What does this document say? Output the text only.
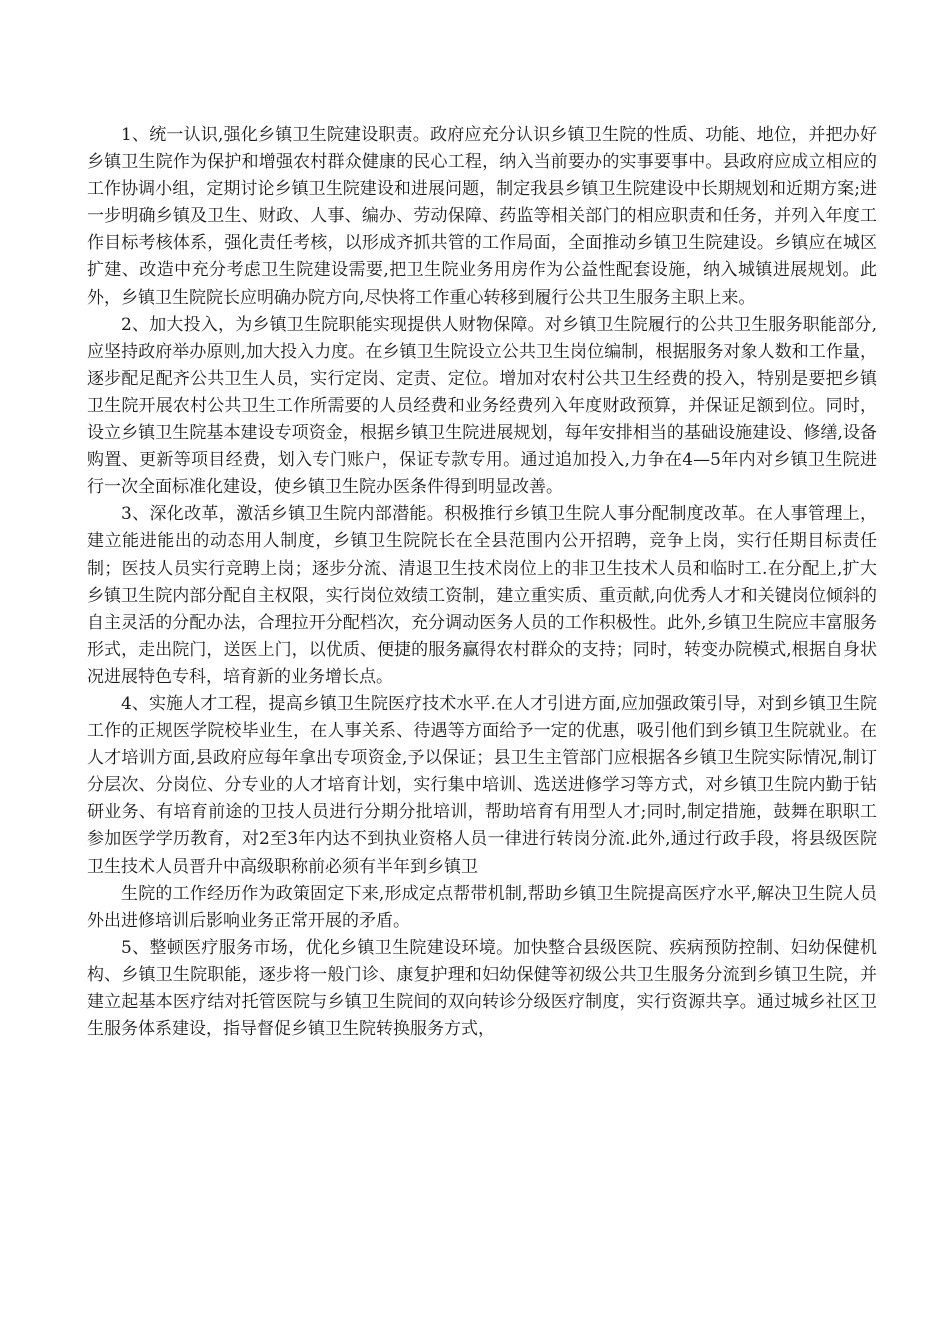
1、统一认识,强化乡镇卫生院建设职责。政府应充分认识乡镇卫生院的性质、功能、地位，并把办好乡镇卫生院作为保护和增强农村群众健康的民心工程，纳入当前要办的实事要事中。县政府应成立相应的工作协调小组，定期讨论乡镇卫生院建设和进展问题，制定我县乡镇卫生院建设中长期规划和近期方案;进一步明确乡镇及卫生、财政、人事、编办、劳动保障、药监等相关部门的相应职责和任务，并列入年度工作目标考核体系，强化责任考核，以形成齐抓共管的工作局面，全面推动乡镇卫生院建设。乡镇应在城区扩建、改造中充分考虑卫生院建设需要,把卫生院业务用房作为公益性配套设施，纳入城镇进展规划。此外，乡镇卫生院院长应明确办院方向,尽快将工作重心转移到履行公共卫生服务主职上来。

2、加大投入，为乡镇卫生院职能实现提供人财物保障。对乡镇卫生院履行的公共卫生服务职能部分,应坚持政府举办原则,加大投入力度。在乡镇卫生院设立公共卫生岗位编制，根据服务对象人数和工作量，逐步配足配齐公共卫生人员，实行定岗、定责、定位。增加对农村公共卫生经费的投入，特别是要把乡镇卫生院开展农村公共卫生工作所需要的人员经费和业务经费列入年度财政预算，并保证足额到位。同时，设立乡镇卫生院基本建设专项资金，根据乡镇卫生院进展规划，每年安排相当的基础设施建设、修缮,设备购置、更新等项目经费，划入专门账户，保证专款专用。通过追加投入,力争在4—5年内对乡镇卫生院进行一次全面标准化建设，使乡镇卫生院办医条件得到明显改善。

3、深化改革，激活乡镇卫生院内部潜能。积极推行乡镇卫生院人事分配制度改革。在人事管理上，建立能进能出的动态用人制度，乡镇卫生院院长在全县范围内公开招聘，竞争上岗，实行任期目标责任制；医技人员实行竞聘上岗；逐步分流、清退卫生技术岗位上的非卫生技术人员和临时工.在分配上,扩大乡镇卫生院内部分配自主权限，实行岗位效绩工资制，建立重实质、重贡献,向优秀人才和关键岗位倾斜的自主灵活的分配办法，合理拉开分配档次，充分调动医务人员的工作积极性。此外,乡镇卫生院应丰富服务形式，走出院门，送医上门，以优质、便捷的服务赢得农村群众的支持；同时，转变办院模式,根据自身状况进展特色专科，培育新的业务增长点。

4、实施人才工程，提高乡镇卫生院医疗技术水平.在人才引进方面,应加强政策引导，对到乡镇卫生院工作的正规医学院校毕业生，在人事关系、待遇等方面给予一定的优惠，吸引他们到乡镇卫生院就业。在人才培训方面,县政府应每年拿出专项资金,予以保证；县卫生主管部门应根据各乡镇卫生院实际情况,制订分层次、分岗位、分专业的人才培育计划，实行集中培训、选送进修学习等方式，对乡镇卫生院内勤于钻研业务、有培育前途的卫技人员进行分期分批培训，帮助培育有用型人才;同时,制定措施，鼓舞在职职工参加医学学历教育，对2至3年内达不到执业资格人员一律进行转岗分流.此外,通过行政手段，将县级医院卫生技术人员晋升中高级职称前必须有半年到乡镇卫

生院的工作经历作为政策固定下来,形成定点帮带机制,帮助乡镇卫生院提高医疗水平,解决卫生院人员外出进修培训后影响业务正常开展的矛盾。

5、整顿医疗服务市场，优化乡镇卫生院建设环境。加快整合县级医院、疾病预防控制、妇幼保健机构、乡镇卫生院职能，逐步将一般门诊、康复护理和妇幼保健等初级公共卫生服务分流到乡镇卫生院，并建立起基本医疗结对托管医院与乡镇卫生院间的双向转诊分级医疗制度，实行资源共享。通过城乡社区卫生服务体系建设，指导督促乡镇卫生院转换服务方式，
